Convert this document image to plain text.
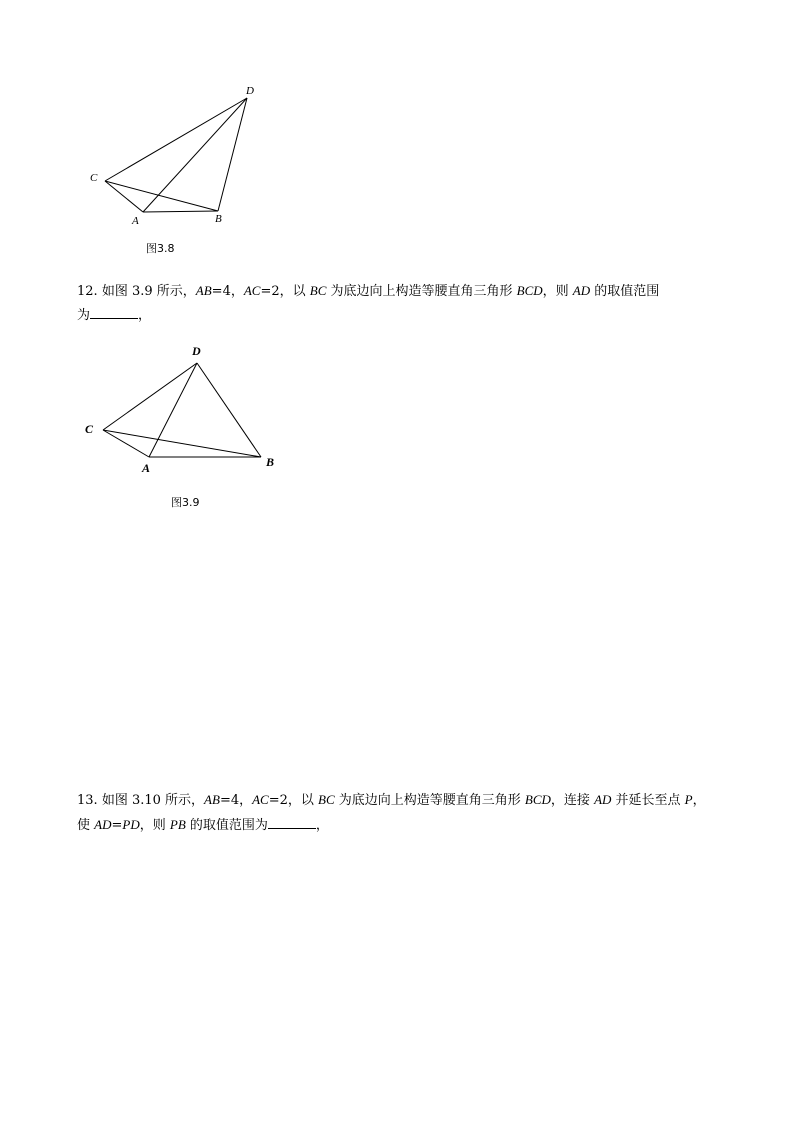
D
C
A	B
图3.8
12. 如图 3.9 所示，AB=4，AC=2，以 BC 为底边向上构造等腰直角三角形 BCD，则 AD 的取值范围
为	，
D
C
A	B
图3.9
13. 如图 3.10 所示，AB=4，AC=2，以 BC 为底边向上构造等腰直角三角形 BCD，连接 AD 并延长至点 P，
使 AD=PD，则 PB 的取值范围为	，
